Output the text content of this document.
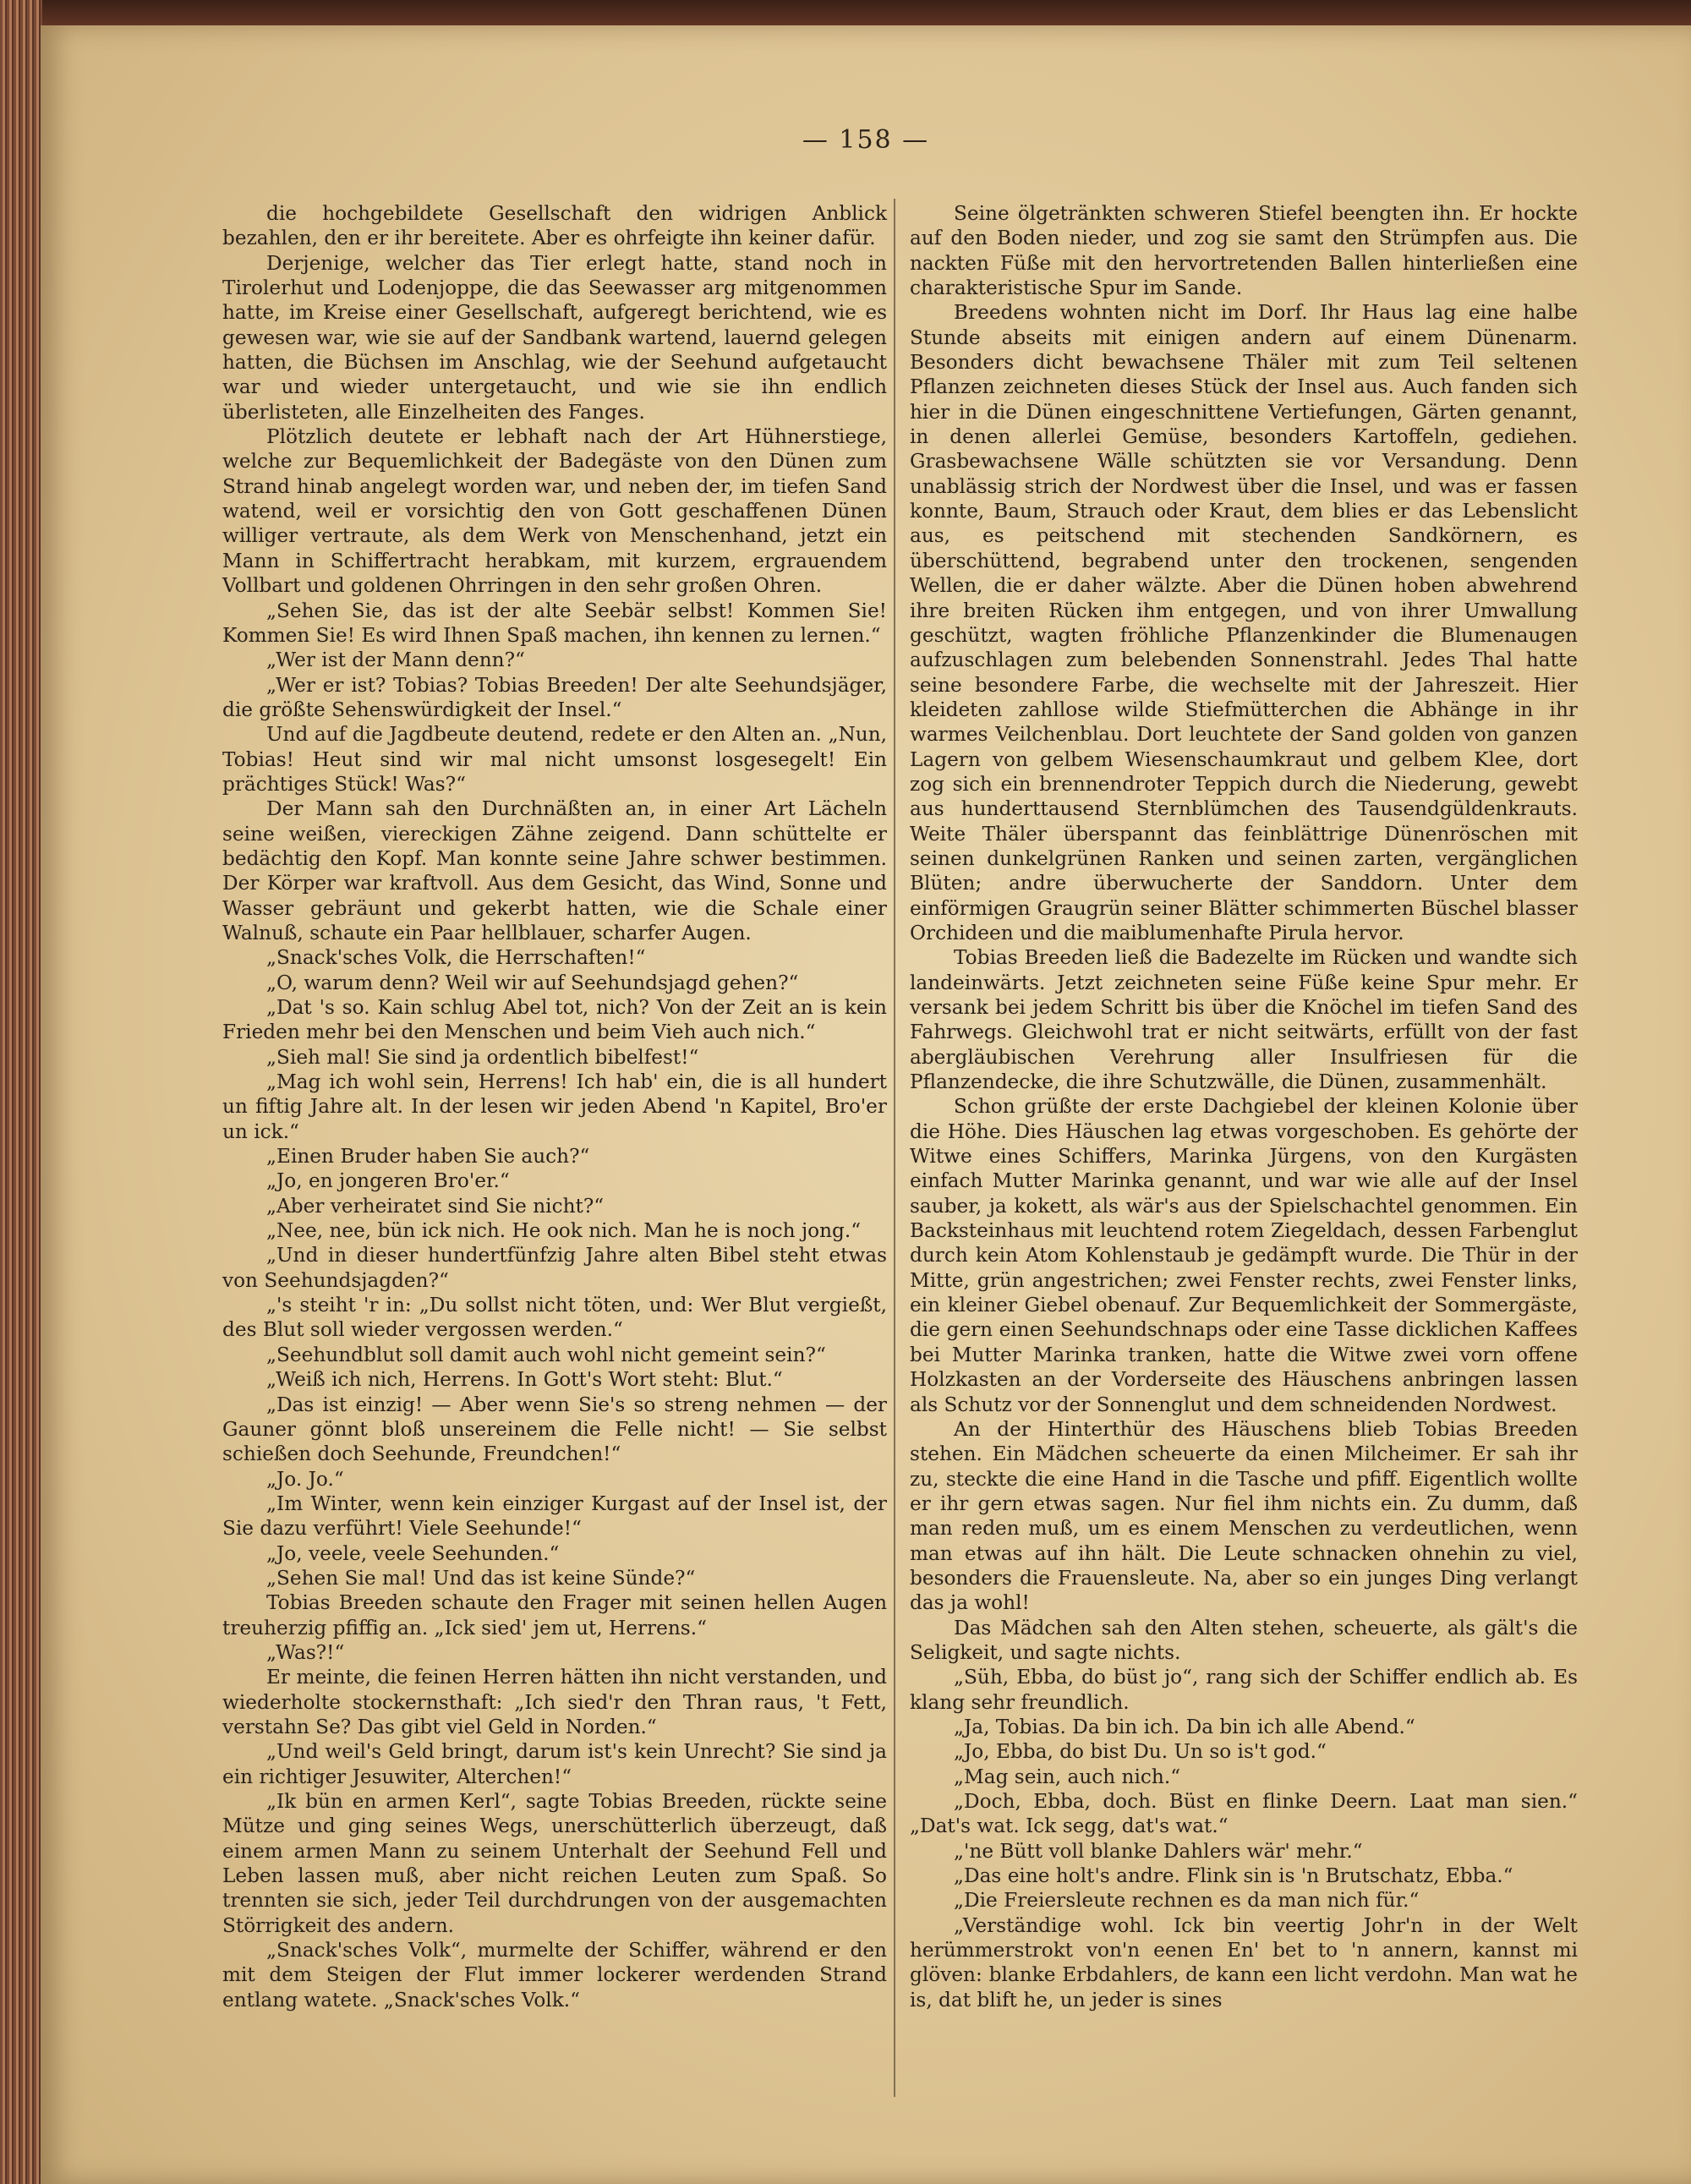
— 158 —

die hochgebildete Gesellschaft den widrigen Anblick bezahlen, den er ihr bereitete. Aber es ohrfeigte ihn keiner dafür.

Derjenige, welcher das Tier erlegt hatte, stand noch in Tirolerhut und Lodenjoppe, die das Seewasser arg mitgenommen hatte, im Kreise einer Gesellschaft, aufgeregt berichtend, wie es gewesen war, wie sie auf der Sandbank wartend, lauernd gelegen hatten, die Büchsen im Anschlag, wie der Seehund aufgetaucht war und wieder untergetaucht, und wie sie ihn endlich überlisteten, alle Einzelheiten des Fanges.

Plötzlich deutete er lebhaft nach der Art Hühnerstiege, welche zur Bequemlichkeit der Badegäste von den Dünen zum Strand hinab angelegt worden war, und neben der, im tiefen Sand watend, weil er vorsichtig den von Gott geschaffenen Dünen williger vertraute, als dem Werk von Menschenhand, jetzt ein Mann in Schiffertracht herabkam, mit kurzem, ergrauendem Vollbart und goldenen Ohrringen in den sehr großen Ohren.

„Sehen Sie, das ist der alte Seebär selbst! Kommen Sie! Kommen Sie! Es wird Ihnen Spaß machen, ihn kennen zu lernen.“

„Wer ist der Mann denn?“

„Wer er ist? Tobias? Tobias Breeden! Der alte Seehundsjäger, die größte Sehenswürdigkeit der Insel.“

Und auf die Jagdbeute deutend, redete er den Alten an. „Nun, Tobias! Heut sind wir mal nicht umsonst losgesegelt! Ein prächtiges Stück! Was?“

Der Mann sah den Durchnäßten an, in einer Art Lächeln seine weißen, viereckigen Zähne zeigend. Dann schüttelte er bedächtig den Kopf. Man konnte seine Jahre schwer bestimmen. Der Körper war kraftvoll. Aus dem Gesicht, das Wind, Sonne und Wasser gebräunt und gekerbt hatten, wie die Schale einer Walnuß, schaute ein Paar hellblauer, scharfer Augen.

„Snack'sches Volk, die Herrschaften!“

„O, warum denn? Weil wir auf Seehundsjagd gehen?“

„Dat 's so. Kain schlug Abel tot, nich? Von der Zeit an is kein Frieden mehr bei den Menschen und beim Vieh auch nich.“

„Sieh mal! Sie sind ja ordentlich bibelfest!“

„Mag ich wohl sein, Herrens! Ich hab' ein, die is all hundert un fiftig Jahre alt. In der lesen wir jeden Abend 'n Kapitel, Bro'er un ick.“

„Einen Bruder haben Sie auch?“

„Jo, en jongeren Bro'er.“

„Aber verheiratet sind Sie nicht?“

„Nee, nee, bün ick nich. He ook nich. Man he is noch jong.“

„Und in dieser hundertfünfzig Jahre alten Bibel steht etwas von Seehundsjagden?“

„'s steiht 'r in: „Du sollst nicht töten, und: Wer Blut vergießt, des Blut soll wieder vergossen werden.“

„Seehundblut soll damit auch wohl nicht gemeint sein?“

„Weiß ich nich, Herrens. In Gott's Wort steht: Blut.“

„Das ist einzig! — Aber wenn Sie's so streng nehmen — der Gauner gönnt bloß unsereinem die Felle nicht! — Sie selbst schießen doch Seehunde, Freundchen!“

„Jo. Jo.“

„Im Winter, wenn kein einziger Kurgast auf der Insel ist, der Sie dazu verführt! Viele Seehunde!“

„Jo, veele, veele Seehunden.“

„Sehen Sie mal! Und das ist keine Sünde?“

Tobias Breeden schaute den Frager mit seinen hellen Augen treuherzig pfiffig an. „Ick sied' jem ut, Herrens.“

„Was?!“

Er meinte, die feinen Herren hätten ihn nicht verstanden, und wiederholte stockernsthaft: „Ich sied'r den Thran raus, 't Fett, verstahn Se? Das gibt viel Geld in Norden.“

„Und weil's Geld bringt, darum ist's kein Unrecht? Sie sind ja ein richtiger Jesuwiter, Alterchen!“

„Ik bün en armen Kerl“, sagte Tobias Breeden, rückte seine Mütze und ging seines Wegs, unerschütterlich überzeugt, daß einem armen Mann zu seinem Unterhalt der Seehund Fell und Leben lassen muß, aber nicht reichen Leuten zum Spaß. So trennten sie sich, jeder Teil durchdrungen von der ausgemachten Störrigkeit des andern.

„Snack'sches Volk“, murmelte der Schiffer, während er den mit dem Steigen der Flut immer lockerer werdenden Strand entlang watete. „Snack'sches Volk.“

Seine ölgetränkten schweren Stiefel beengten ihn. Er hockte auf den Boden nieder, und zog sie samt den Strümpfen aus. Die nackten Füße mit den hervortretenden Ballen hinterließen eine charakteristische Spur im Sande.

Breedens wohnten nicht im Dorf. Ihr Haus lag eine halbe Stunde abseits mit einigen andern auf einem Dünenarm. Besonders dicht bewachsene Thäler mit zum Teil seltenen Pflanzen zeichneten dieses Stück der Insel aus. Auch fanden sich hier in die Dünen eingeschnittene Vertiefungen, Gärten genannt, in denen allerlei Gemüse, besonders Kartoffeln, gediehen. Grasbewachsene Wälle schützten sie vor Versandung. Denn unablässig strich der Nordwest über die Insel, und was er fassen konnte, Baum, Strauch oder Kraut, dem blies er das Lebenslicht aus, es peitschend mit stechenden Sandkörnern, es überschüttend, begrabend unter den trockenen, sengenden Wellen, die er daher wälzte. Aber die Dünen hoben abwehrend ihre breiten Rücken ihm entgegen, und von ihrer Umwallung geschützt, wagten fröhliche Pflanzenkinder die Blumenaugen aufzuschlagen zum belebenden Sonnenstrahl. Jedes Thal hatte seine besondere Farbe, die wechselte mit der Jahreszeit. Hier kleideten zahllose wilde Stiefmütterchen die Abhänge in ihr warmes Veilchenblau. Dort leuchtete der Sand golden von ganzen Lagern von gelbem Wiesenschaumkraut und gelbem Klee, dort zog sich ein brennendroter Teppich durch die Niederung, gewebt aus hunderttausend Sternblümchen des Tausendgüldenkrauts. Weite Thäler überspannt das feinblättrige Dünenröschen mit seinen dunkelgrünen Ranken und seinen zarten, vergänglichen Blüten; andre überwucherte der Sanddorn. Unter dem einförmigen Graugrün seiner Blätter schimmerten Büschel blasser Orchideen und die maiblumenhafte Pirula hervor.

Tobias Breeden ließ die Badezelte im Rücken und wandte sich landeinwärts. Jetzt zeichneten seine Füße keine Spur mehr. Er versank bei jedem Schritt bis über die Knöchel im tiefen Sand des Fahrwegs. Gleichwohl trat er nicht seitwärts, erfüllt von der fast abergläubischen Verehrung aller Insulfriesen für die Pflanzendecke, die ihre Schutzwälle, die Dünen, zusammenhält.

Schon grüßte der erste Dachgiebel der kleinen Kolonie über die Höhe. Dies Häuschen lag etwas vorgeschoben. Es gehörte der Witwe eines Schiffers, Marinka Jürgens, von den Kurgästen einfach Mutter Marinka genannt, und war wie alle auf der Insel sauber, ja kokett, als wär's aus der Spielschachtel genommen. Ein Backsteinhaus mit leuchtend rotem Ziegeldach, dessen Farbenglut durch kein Atom Kohlenstaub je gedämpft wurde. Die Thür in der Mitte, grün angestrichen; zwei Fenster rechts, zwei Fenster links, ein kleiner Giebel obenauf. Zur Bequemlichkeit der Sommergäste, die gern einen Seehundschnaps oder eine Tasse dicklichen Kaffees bei Mutter Marinka tranken, hatte die Witwe zwei vorn offene Holzkasten an der Vorderseite des Häuschens anbringen lassen als Schutz vor der Sonnenglut und dem schneidenden Nordwest.

An der Hinterthür des Häuschens blieb Tobias Breeden stehen. Ein Mädchen scheuerte da einen Milcheimer. Er sah ihr zu, steckte die eine Hand in die Tasche und pfiff. Eigentlich wollte er ihr gern etwas sagen. Nur fiel ihm nichts ein. Zu dumm, daß man reden muß, um es einem Menschen zu verdeutlichen, wenn man etwas auf ihn hält. Die Leute schnacken ohnehin zu viel, besonders die Frauensleute. Na, aber so ein junges Ding verlangt das ja wohl!

Das Mädchen sah den Alten stehen, scheuerte, als gält's die Seligkeit, und sagte nichts.

„Süh, Ebba, do büst jo“, rang sich der Schiffer endlich ab. Es klang sehr freundlich.

„Ja, Tobias. Da bin ich. Da bin ich alle Abend.“

„Jo, Ebba, do bist Du. Un so is't god.“

„Mag sein, auch nich.“

„Doch, Ebba, doch. Büst en flinke Deern. Laat man sien.“ „Dat's wat. Ick segg, dat's wat.“

„'ne Bütt voll blanke Dahlers wär' mehr.“

„Das eine holt's andre. Flink sin is 'n Brutschatz, Ebba.“

„Die Freiersleute rechnen es da man nich für.“

„Verständige wohl. Ick bin veertig Johr'n in der Welt herümmerstrokt von'n eenen En' bet to 'n annern, kannst mi glöven: blanke Erbdahlers, de kann een licht verdohn. Man wat he is, dat blift he, un jeder is sines
